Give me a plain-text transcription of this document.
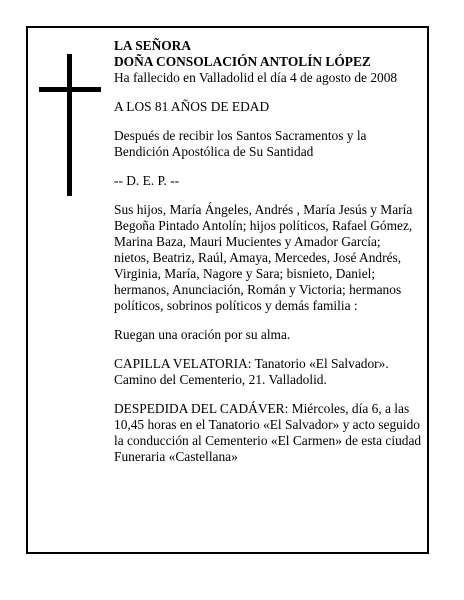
LA SEÑORA
DOÑA CONSOLACIÓN ANTOLÍN LÓPEZ
Ha fallecido en Valladolid el día 4 de agosto de 2008
A LOS 81 AÑOS DE EDAD
Después de recibir los Santos Sacramentos y la
Bendición Apostólica de Su Santidad
-- D. E. P. --
Sus hijos, María Ángeles, Andrés , María Jesús y María
Begoña Pintado Antolín; hijos políticos, Rafael Gómez,
Marina Baza, Mauri Mucientes y Amador García;
nietos, Beatriz, Raúl, Amaya, Mercedes, José Andrés,
Virginia, María, Nagore y Sara; bisnieto, Daniel;
hermanos, Anunciación, Román y Victoria; hermanos
políticos, sobrinos políticos y demás familia :
Ruegan una oración por su alma.
CAPILLA VELATORIA: Tanatorio «El Salvador».
Camino del Cementerio, 21. Valladolid.
DESPEDIDA DEL CADÁVER: Miércoles, día 6, a las
10,45 horas en el Tanatorio «El Salvador» y acto seguido
la conducción al Cementerio «El Carmen» de esta ciudad
Funeraria «Castellana»
